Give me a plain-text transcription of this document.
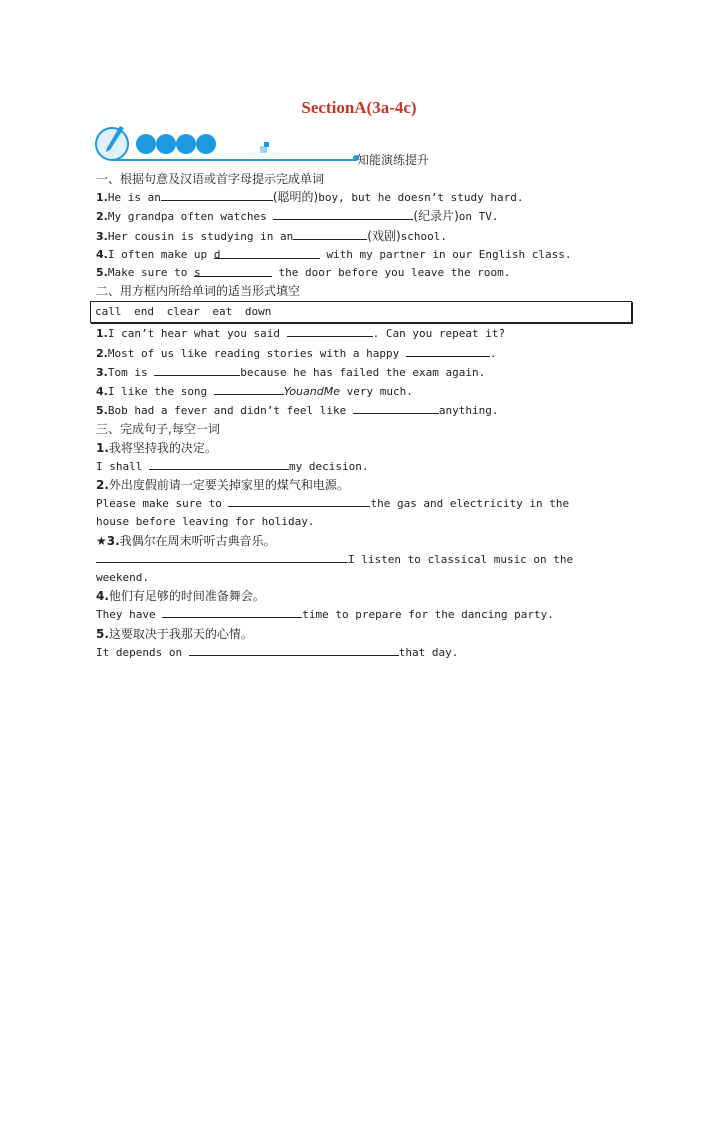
SectionA(3a-4c)
知能演练提升
一、根据句意及汉语或首字母提示完成单词
1.He is an	(聪明的)boy, but he doesn’t study hard.
2.My grandpa often watches	(纪录片)on TV.
3.Her cousin is studying in an	(戏剧)school.
4.I often make up d	with my partner in our English class.
5.Make sure to s	the door before you leave the room.
二、用方框内所给单词的适当形式填空
call end clear eat down
1.I can’t hear what you said	. Can you repeat it?
2.Most of us like reading stories with a happy	.
3.Tom is	because he has failed the exam again.
4.I like the song	YouandMe very much.
5.Bob had a fever and didn’t feel like	anything.
三、完成句子,每空一词
1.我将坚持我的决定。
I shall	my decision.
2.外出度假前请一定要关掉家里的煤气和电源。
Please make sure to	the gas and electricity in the
house before leaving for holiday.
★3.我偶尔在周末听听古典音乐。
I listen to classical music on the
weekend.
4.他们有足够的时间准备舞会。
They have	time to prepare for the dancing party.
5.这要取决于我那天的心情。
It depends on	that day.
